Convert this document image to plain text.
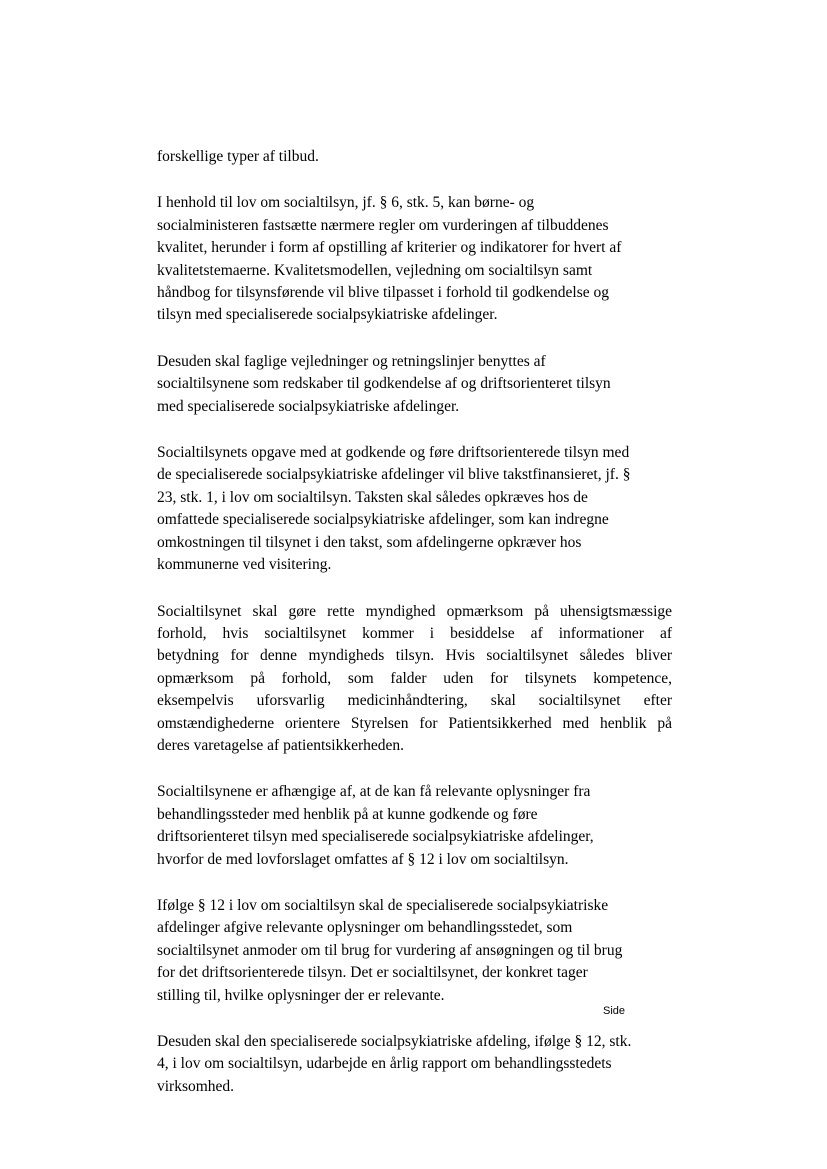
forskellige typer af tilbud.

I henhold til lov om socialtilsyn, jf. § 6, stk. 5, kan børne- og
socialministeren fastsætte nærmere regler om vurderingen af tilbuddenes
kvalitet, herunder i form af opstilling af kriterier og indikatorer for hvert af
kvalitetstemaerne. Kvalitetsmodellen, vejledning om socialtilsyn samt
håndbog for tilsynsførende vil blive tilpasset i forhold til godkendelse og
tilsyn med specialiserede socialpsykiatriske afdelinger.

Desuden skal faglige vejledninger og retningslinjer benyttes af
socialtilsynene som redskaber til godkendelse af og driftsorienteret tilsyn
med specialiserede socialpsykiatriske afdelinger.

Socialtilsynets opgave med at godkende og føre driftsorienterede tilsyn med
de specialiserede socialpsykiatriske afdelinger vil blive takstfinansieret, jf. §
23, stk. 1, i lov om socialtilsyn. Taksten skal således opkræves hos de
omfattede specialiserede socialpsykiatriske afdelinger, som kan indregne
omkostningen til tilsynet i den takst, som afdelingerne opkræver hos
kommunerne ved visitering.

Socialtilsynet skal gøre rette myndighed opmærksom på uhensigtsmæssige
forhold, hvis socialtilsynet kommer i besiddelse af informationer af
betydning for denne myndigheds tilsyn. Hvis socialtilsynet således bliver
opmærksom på forhold, som falder uden for tilsynets kompetence,
eksempelvis uforsvarlig medicinhåndtering, skal socialtilsynet efter
omstændighederne orientere Styrelsen for Patientsikkerhed med henblik på
deres varetagelse af patientsikkerheden.

Socialtilsynene er afhængige af, at de kan få relevante oplysninger fra
behandlingssteder med henblik på at kunne godkende og føre
driftsorienteret tilsyn med specialiserede socialpsykiatriske afdelinger,
hvorfor de med lovforslaget omfattes af § 12 i lov om socialtilsyn.

Ifølge § 12 i lov om socialtilsyn skal de specialiserede socialpsykiatriske
afdelinger afgive relevante oplysninger om behandlingsstedet, som
socialtilsynet anmoder om til brug for vurdering af ansøgningen og til brug
for det driftsorienterede tilsyn. Det er socialtilsynet, der konkret tager
stilling til, hvilke oplysninger der er relevante.

Desuden skal den specialiserede socialpsykiatriske afdeling, ifølge § 12, stk.
4, i lov om socialtilsyn, udarbejde en årlig rapport om behandlingsstedets
virksomhed.

Side
